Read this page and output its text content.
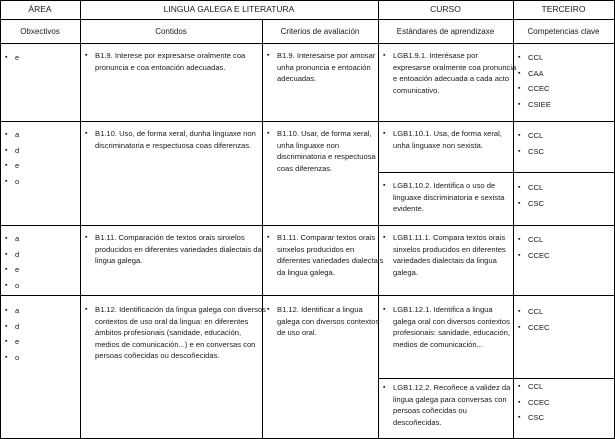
ÁREA	LINGUA GALEGA E LITERATURA	CURSO	TERCEIRO
Obxectivos	Contidos	Criterios de avaliación	Estándares de aprendizaxe	Competencias clave
▪ e
▪	B1.9. Interese por expresarse oralmente coa pronuncia e coa entoación adecuadas.
▪ B1.9. Interesarse por amosar unha pronuncia e entoación adecuadas.
▪ LGB1.9.1. Interésase por expresarse oralmente coa pronuncia e entoación adecuada a cada acto comunicativo.
▪ CCL
▪ CAA
▪ CCEC
▪ CSIEE
▪ a
▪ d
▪ e
▪ o
▪ B1.10. Uso, de forma xeral, dunha linguaxe non discriminatoria e respectuosa coas diferenzas.
▪ B1.10. Usar, de forma xeral, unha linguaxe non discriminatoria e respectuosa coas diferenzas.
▪ LGB1.10.1. Usa, de forma xeral, unha linguaxe non sexista.
▪ CCL
▪ CSC
▪ LGB1.10.2. Identifica o uso de linguaxe discriminatoria e sexista evidente.
▪ CCL
▪ CSC
▪ a
▪ d
▪ e
▪ o
▪ B1.11. Comparación de textos orais sinxelos producidos en diferentes variedades dialectais da lingua galega.
▪ B1.11. Comparar textos orais sinxelos producidos en diferentes variedades dialectais da lingua galega.
▪ LGB1.11.1. Compara textos orais sinxelos producidos en diferentes variedades dialectais da lingua galega.
▪ CCL
▪ CCEC
▪ a
▪ d
▪ e
▪ o
▪ B1.12. Identificación da lingua galega con diversos contextos de uso oral da lingua: en diferentes ámbitos profesionais (sanidade, educación, medios de comunicación...) e en conversas con persoas coñecidas ou descoñecidas.
▪ B1.12. Identificar a lingua galega con diversos contextos de uso oral.
▪ LGB1.12.1. Identifica a lingua galega oral con diversos contextos profesionais: sanidade, educación, medios de comunicación...
▪ CCL
▪ CCEC
▪ LGB1.12.2. Recoñece a validez da lingua galega para conversas con persoas coñecidas ou descoñecidas.
▪ CCL
▪ CCEC
▪ CSC
